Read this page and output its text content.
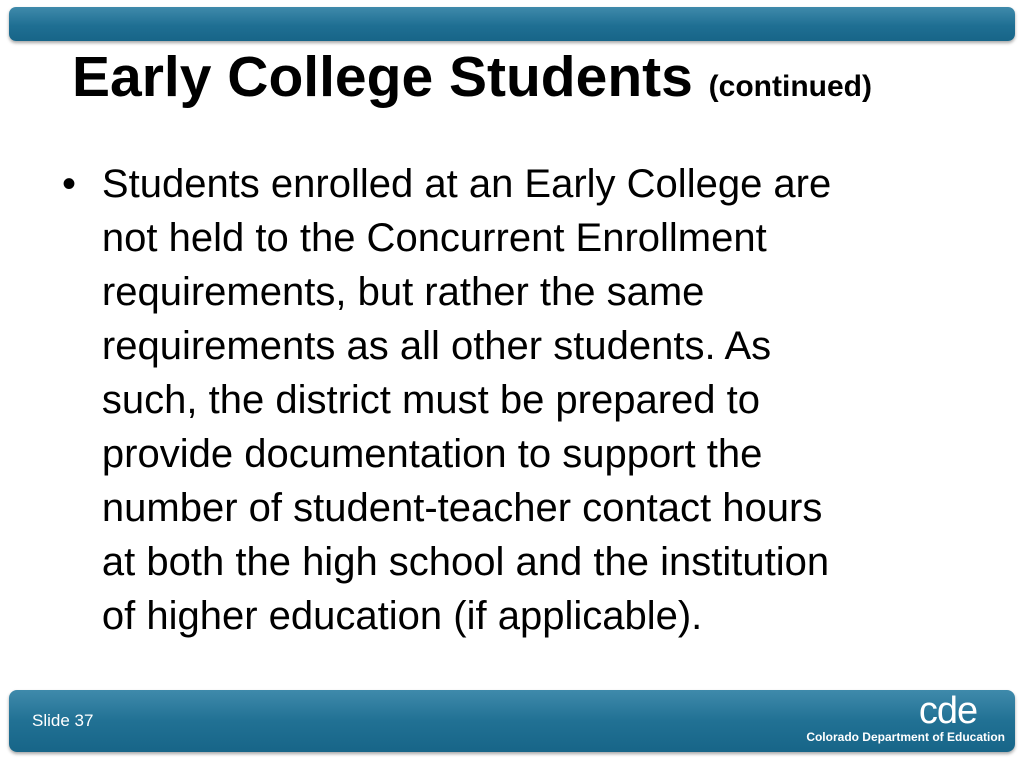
Early College Students (continued)
• Students enrolled at an Early College are
not held to the Concurrent Enrollment
requirements, but rather the same
requirements as all other students. As
such, the district must be prepared to
provide documentation to support the
number of student-teacher contact hours
at both the high school and the institution
of higher education (if applicable).
Slide 37	cde
Colorado Department of Education
